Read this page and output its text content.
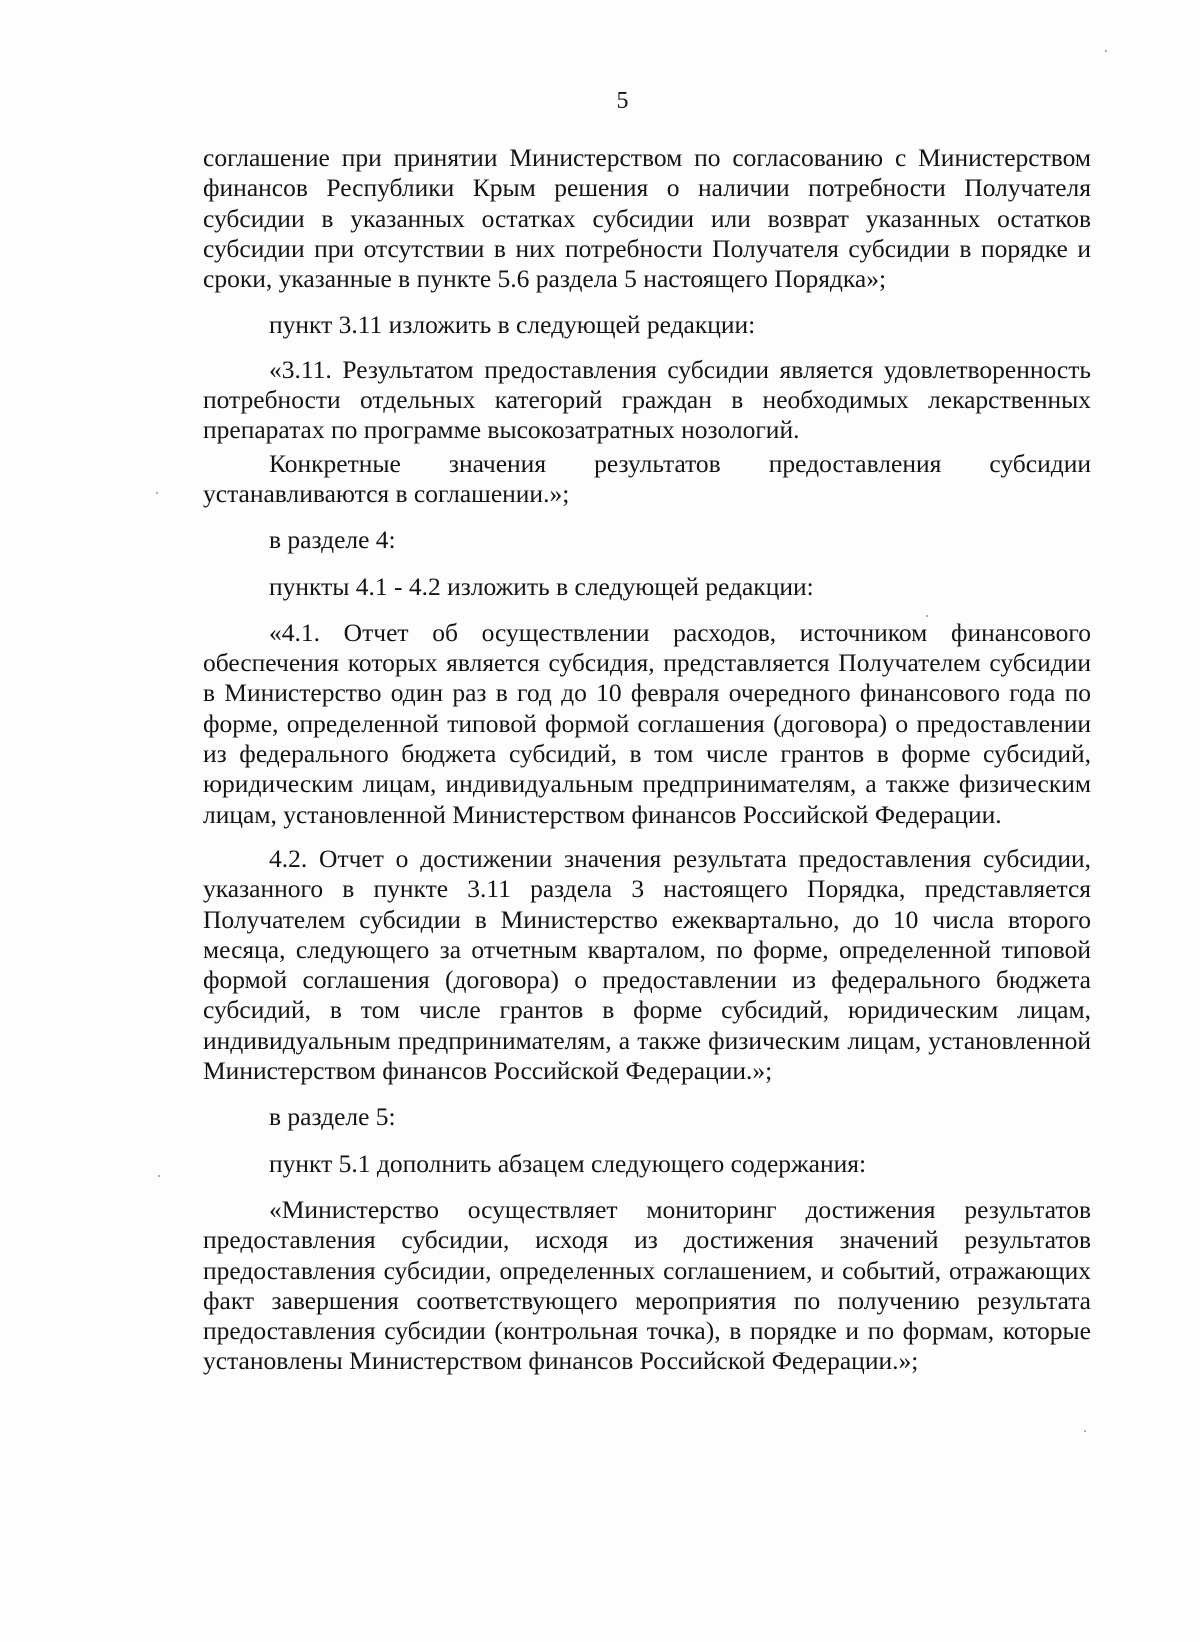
5

соглашение при принятии Министерством по согласованию с Министерством финансов Республики Крым решения о наличии потребности Получателя субсидии в указанных остатках субсидии или возврат указанных остатков субсидии при отсутствии в них потребности Получателя субсидии в порядке и сроки, указанные в пункте 5.6 раздела 5 настоящего Порядка»;

пункт 3.11 изложить в следующей редакции:

«3.11. Результатом предоставления субсидии является удовлетворенность потребности отдельных категорий граждан в необходимых лекарственных препаратах по программе высокозатратных нозологий.

Конкретные значения результатов предоставления субсидии устанавливаются в соглашении.»;

в разделе 4:

пункты 4.1 - 4.2 изложить в следующей редакции:

«4.1. Отчет об осуществлении расходов, источником финансового обеспечения которых является субсидия, представляется Получателем субсидии в Министерство один раз в год до 10 февраля очередного финансового года по форме, определенной типовой формой соглашения (договора) о предоставлении из федерального бюджета субсидий, в том числе грантов в форме субсидий, юридическим лицам, индивидуальным предпринимателям, а также физическим лицам, установленной Министерством финансов Российской Федерации.

4.2. Отчет о достижении значения результата предоставления субсидии, указанного в пункте 3.11 раздела 3 настоящего Порядка, представляется Получателем субсидии в Министерство ежеквартально, до 10 числа второго месяца, следующего за отчетным кварталом, по форме, определенной типовой формой соглашения (договора) о предоставлении из федерального бюджета субсидий, в том числе грантов в форме субсидий, юридическим лицам, индивидуальным предпринимателям, а также физическим лицам, установленной Министерством финансов Российской Федерации.»;

в разделе 5:

пункт 5.1 дополнить абзацем следующего содержания:

«Министерство осуществляет мониторинг достижения результатов предоставления субсидии, исходя из достижения значений результатов предоставления субсидии, определенных соглашением, и событий, отражающих факт завершения соответствующего мероприятия по получению результата предоставления субсидии (контрольная точка), в порядке и по формам, которые установлены Министерством финансов Российской Федерации.»;
